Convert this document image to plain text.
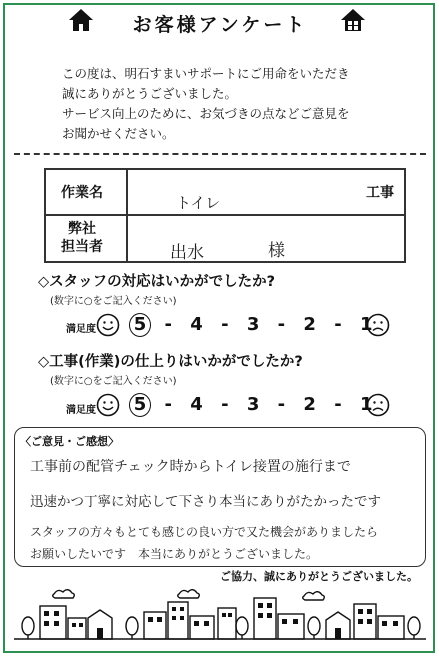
お客様アンケート
この度は、明石すまいサポートにご用命をいただき
誠にありがとうございました。
サービス向上のために、お気づきの点などご意見を
お聞かせください。
作業名
トイレ
工事
弊社
担当者	出水	様
◇スタッフの対応はいかがでしたか?
(数字に○をご記入ください)
満足度 5 - 4 - 3 - 2 - 1
◇工事(作業)の仕上りはいかがでしたか?
(数字に○をご記入ください)
満足度 5 - 4 - 3 - 2 - 1
〈ご意見・ご感想〉
工事前の配管チェック時からトイレ接置の施行まで
迅速かつ丁寧に対応して下さり本当にありがたかったです
スタッフの方々もとても感じの良い方で又た機会がありましたら
お願いしたいです　本当にありがとうございました。
ご協力、誠にありがとうございました。
